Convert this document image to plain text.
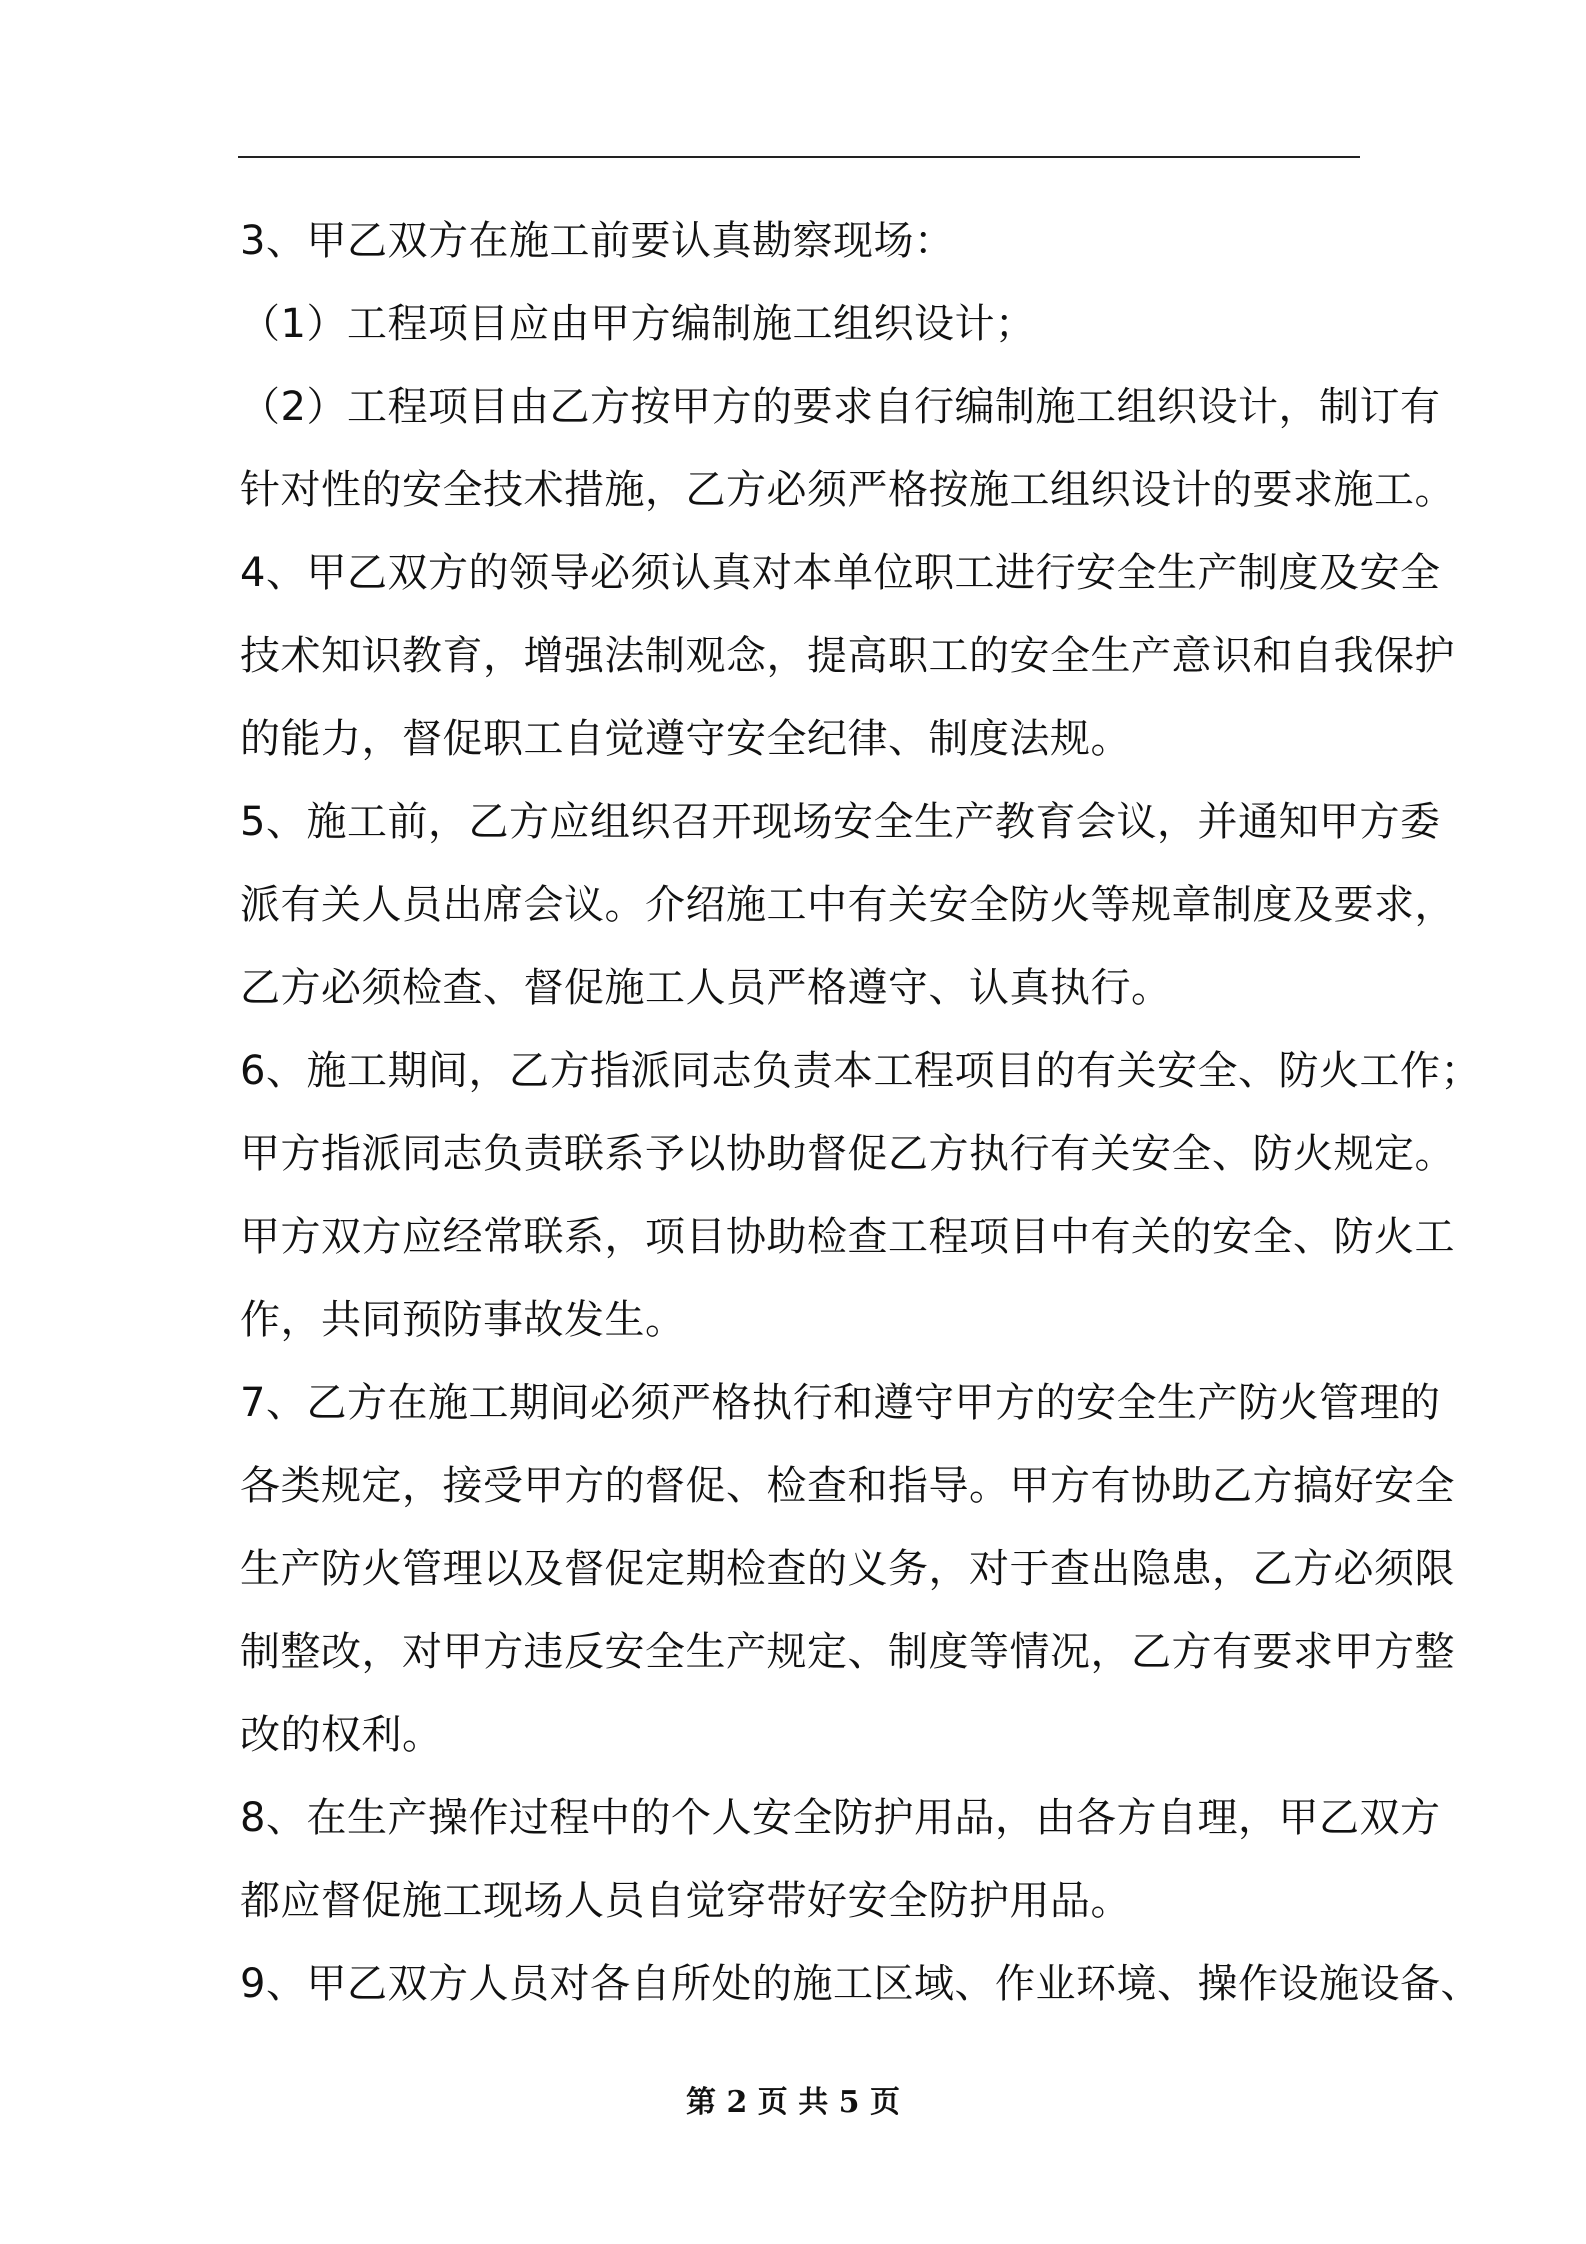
3、甲乙双方在施工前要认真勘察现场：
（1）工程项目应由甲方编制施工组织设计；
（2）工程项目由乙方按甲方的要求自行编制施工组织设计，制订有
针对性的安全技术措施，乙方必须严格按施工组织设计的要求施工。
4、甲乙双方的领导必须认真对本单位职工进行安全生产制度及安全
技术知识教育，增强法制观念，提高职工的安全生产意识和自我保护
的能力，督促职工自觉遵守安全纪律、制度法规。
5、施工前，乙方应组织召开现场安全生产教育会议，并通知甲方委
派有关人员出席会议。介绍施工中有关安全防火等规章制度及要求，
乙方必须检查、督促施工人员严格遵守、认真执行。
6、施工期间，乙方指派同志负责本工程项目的有关安全、防火工作；
甲方指派同志负责联系予以协助督促乙方执行有关安全、防火规定。
甲方双方应经常联系，项目协助检查工程项目中有关的安全、防火工
作，共同预防事故发生。
7、乙方在施工期间必须严格执行和遵守甲方的安全生产防火管理的
各类规定，接受甲方的督促、检查和指导。甲方有协助乙方搞好安全
生产防火管理以及督促定期检查的义务，对于查出隐患，乙方必须限
制整改，对甲方违反安全生产规定、制度等情况，乙方有要求甲方整
改的权利。
8、在生产操作过程中的个人安全防护用品，由各方自理，甲乙双方
都应督促施工现场人员自觉穿带好安全防护用品。
9、甲乙双方人员对各自所处的施工区域、作业环境、操作设施设备、
第 2 页 共 5 页
